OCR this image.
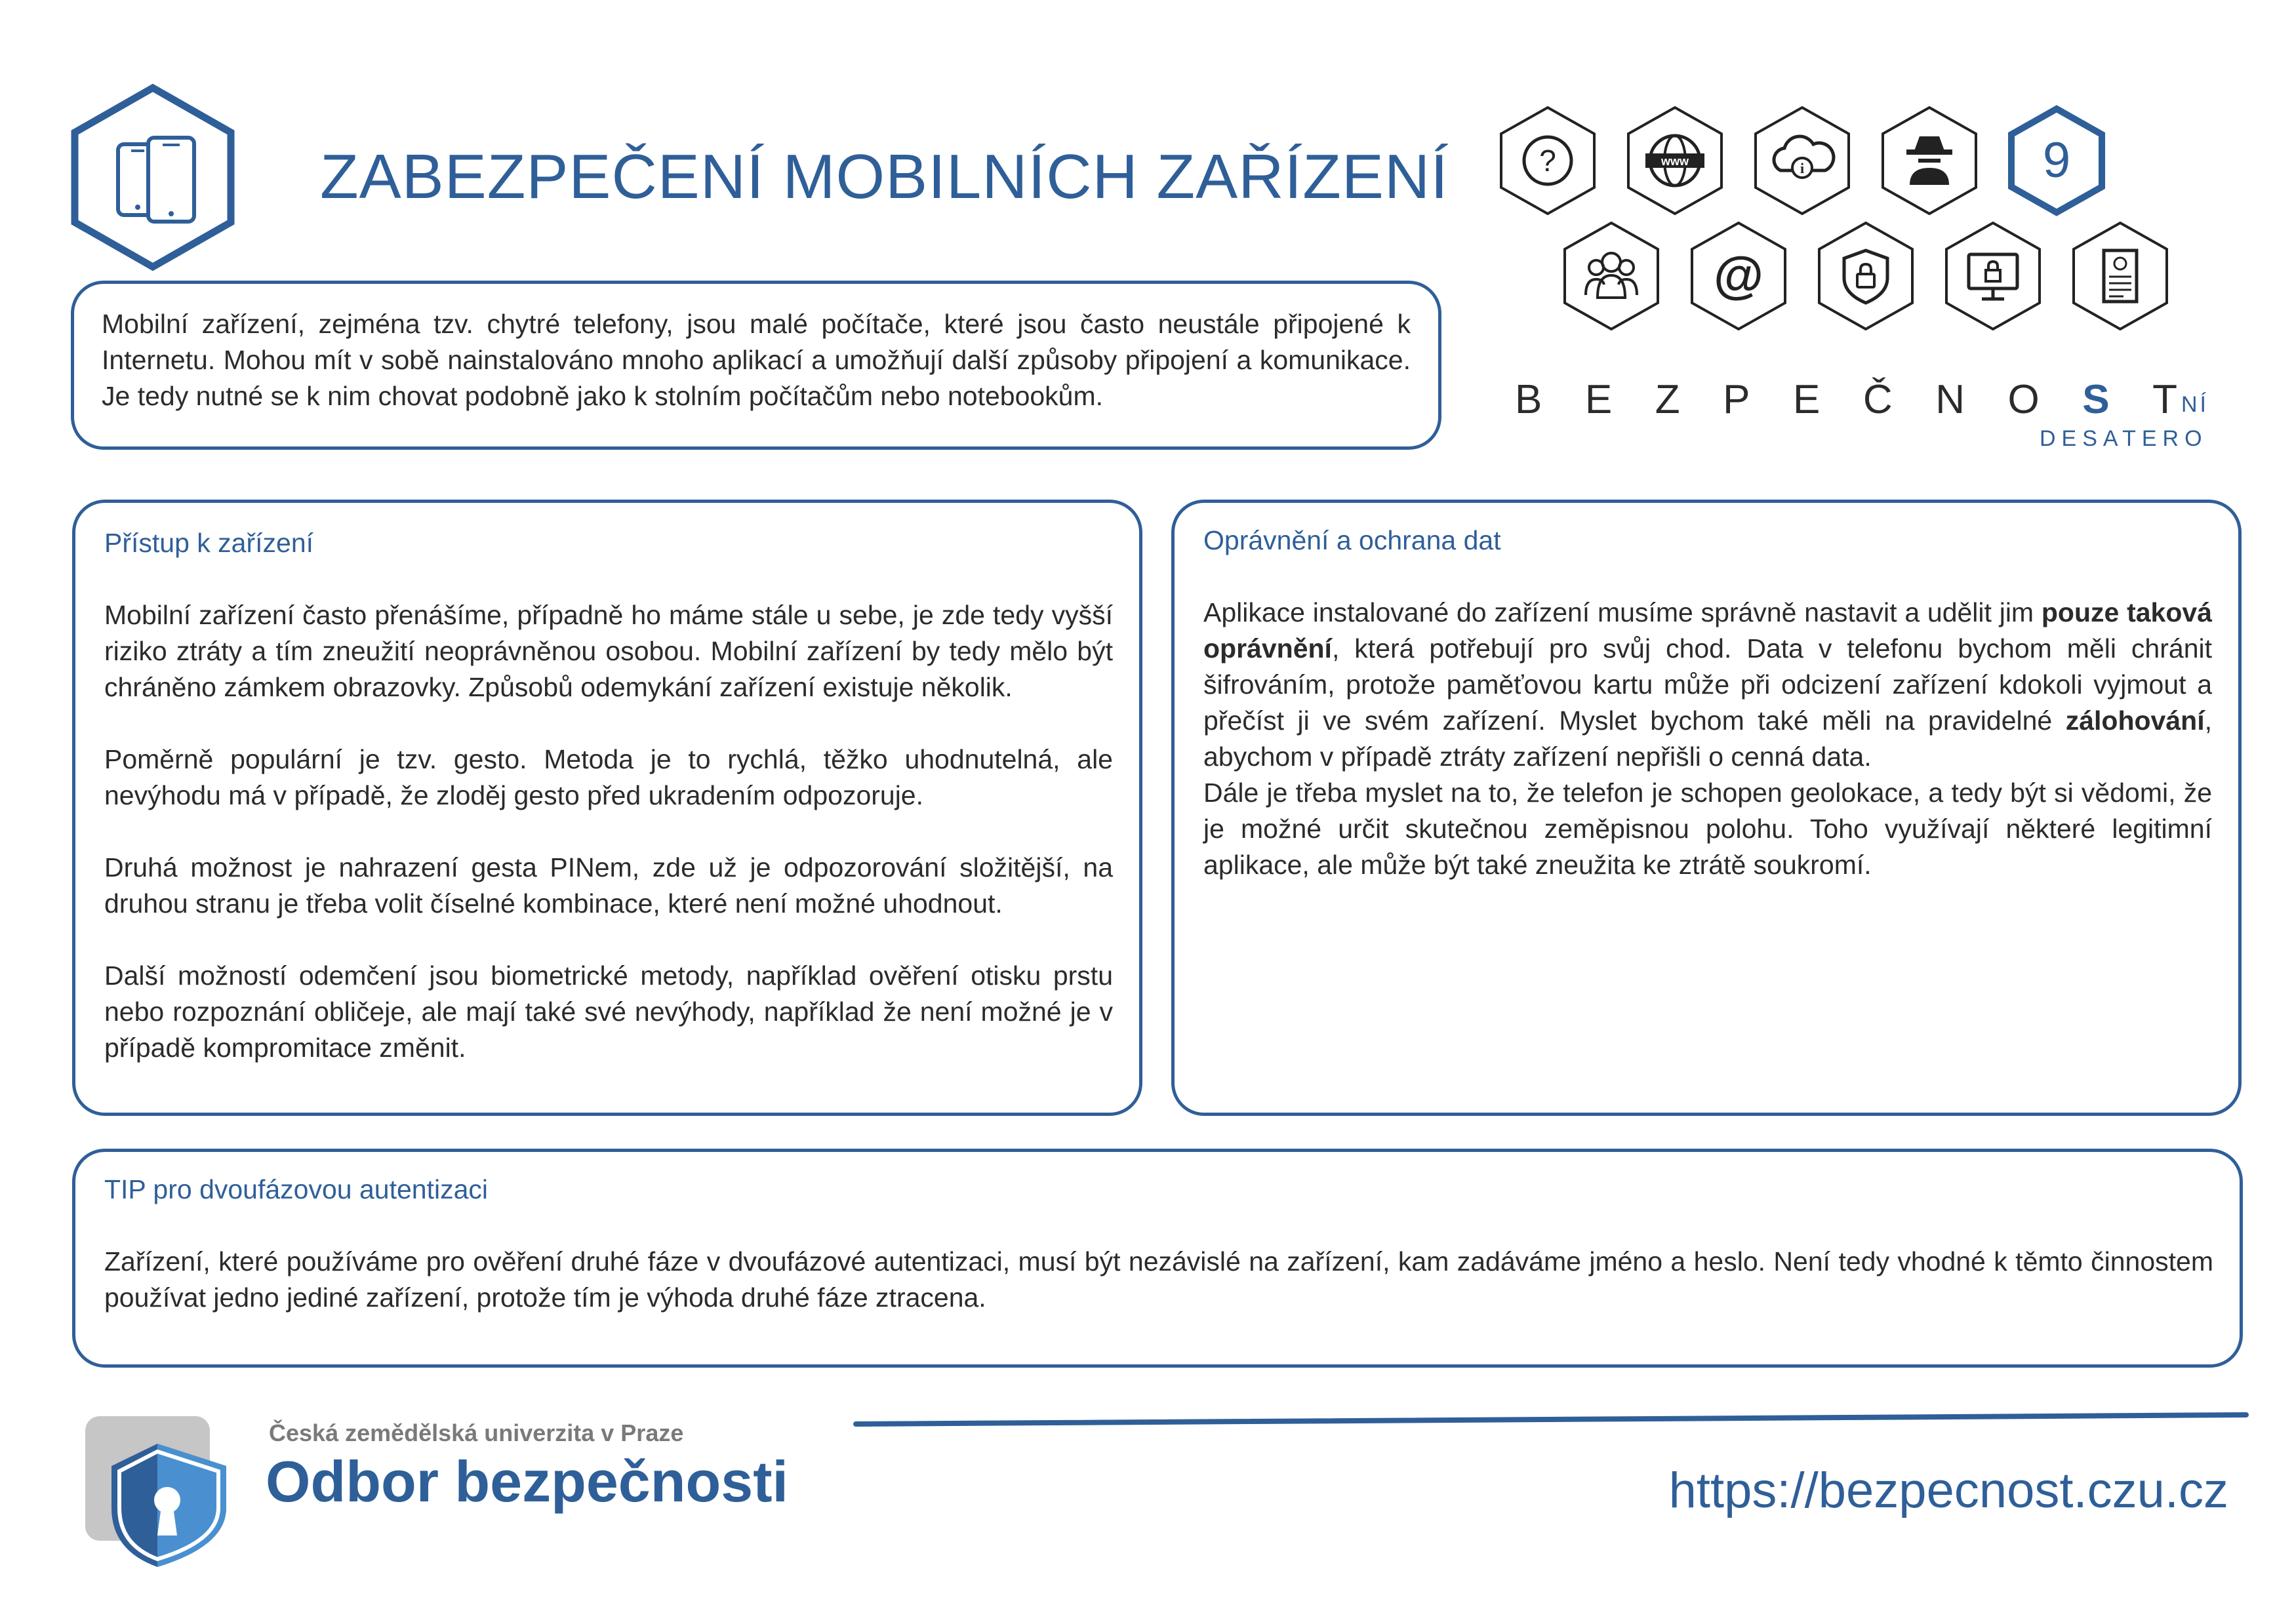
ZABEZPEČENÍ MOBILNÍCH ZAŘÍZENÍ	?	www	i	9
@
B E Z P E Č N O S T NÍ
DESATERO

Mobilní zařízení, zejména tzv. chytré telefony, jsou malé počítače, které jsou často neustále připojené k Internetu. Mohou mít v sobě nainstalováno mnoho aplikací a umožňují další způsoby připojení a komunikace. Je tedy nutné se k nim chovat podobně jako k stolním počítačům nebo notebookům.

Přístup k zařízení

Mobilní zařízení často přenášíme, případně ho máme stále u sebe, je zde tedy vyšší riziko ztráty a tím zneužití neoprávněnou osobou. Mobilní zařízení by tedy mělo být chráněno zámkem obrazovky. Způsobů odemykání zařízení existuje několik.

Poměrně populární je tzv. gesto. Metoda je to rychlá, těžko uhodnutelná, ale nevýhodu má v případě, že zloděj gesto před ukradením odpozoruje.

Druhá možnost je nahrazení gesta PINem, zde už je odpozorování složitější, na druhou stranu je třeba volit číselné kombinace, které není možné uhodnout.

Další možností odemčení jsou biometrické metody, například ověření otisku prstu nebo rozpoznání obličeje, ale mají také své nevýhody, například že není možné je v případě kompromitace změnit.

Oprávnění a ochrana dat

Aplikace instalované do zařízení musíme správně nastavit a udělit jim pouze taková oprávnění, která potřebují pro svůj chod. Data v telefonu bychom měli chránit šifrováním, protože paměťovou kartu může při odcizení zařízení kdokoli vyjmout a přečíst ji ve svém zařízení. Myslet bychom také měli na pravidelné zálohování, abychom v případě ztráty zařízení nepřišli o cenná data.

Dále je třeba myslet na to, že telefon je schopen geolokace, a tedy být si vědomi, že je možné určit skutečnou zeměpisnou polohu. Toho využívají některé legitimní aplikace, ale může být také zneužita ke ztrátě soukromí.

TIP pro dvoufázovou autentizaci

Zařízení, které používáme pro ověření druhé fáze v dvoufázové autentizaci, musí být nezávislé na zařízení, kam zadáváme jméno a heslo. Není tedy vhodné k těmto činnostem používat jedno jediné zařízení, protože tím je výhoda druhé fáze ztracena.

Česká zemědělská univerzita v Praze
Odbor bezpečnosti	https://bezpecnost.czu.cz
